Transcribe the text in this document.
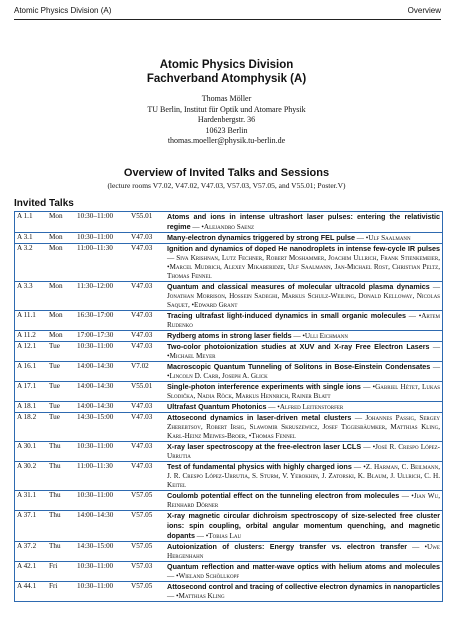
Atomic Physics Division (A)	Overview
Atomic Physics Division
Fachverband Atomphysik (A)
Thomas Möller
TU Berlin, Institut für Optik und Atomare Physik
Hardenbergstr. 36
10623 Berlin
thomas.moeller@physik.tu-berlin.de
Overview of Invited Talks and Sessions
(lecture rooms V7.02, V47.02, V47.03, V57.03, V57.05, and V55.01; Poster.V)
Invited Talks
A 1.1	Mon	10:30–11:00	V55.01	Atoms and ions in intense ultrashort laser pulses: entering the relativistic regime — •Alejandro Saenz
A 3.1	Mon	10:30–11:00	V47.03	Many-electron dynamics triggered by strong FEL pulse — •Ulf Saalmann
A 3.2	Mon	11:00–11:30	V47.03	Ignition and dynamics of doped He nanodroplets in intense few-cycle IR pulses — Siva Krishnan, Lutz Fechner, Robert Moshammer, Joachim Ullrich, Frank Stienkemeier, •Marcel Mudrich, Alexey Mikaberidze, Ulf Saalmann, Jan-Michael Rost, Christian Peltz, Thomas Fennel
A 3.3	Mon	11:30–12:00	V47.03	Quantum and classical measures of molecular ultracold plasma dynamics — Jonathan Morrison, Hossein Sadeghi, Markus Schulz-Weiling, Donald Kelloway, Nicolas Saquet, •Edward Grant
A 11.1	Mon	16:30–17:00	V47.03	Tracing ultrafast light-induced dynamics in small organic molecules — •Artem Rudenko
A 11.2	Mon	17:00–17:30	V47.03	Rydberg atoms in strong laser fields — •Ulli Eichmann
A 12.1	Tue	10:30–11:00	V47.03	Two-color photoionization studies at XUV and X-ray Free Electron Lasers — •Michael Meyer
A 16.1	Tue	14:00–14:30	V7.02	Macroscopic Quantum Tunneling of Solitons in Bose-Einstein Condensates — •Lincoln D. Carr, Joseph A. Glick
A 17.1	Tue	14:00–14:30	V55.01	Single-photon interference experiments with single ions — •Gabriel Hétet, Lukas Slodička, Nadia Röck, Markus Hennrich, Rainer Blatt
A 18.1	Tue	14:00–14:30	V47.03	Ultrafast Quantum Photonics — •Alfred Leitenstorfer
A 18.2	Tue	14:30–15:00	V47.03	Attosecond dynamics in laser-driven metal clusters — Johannes Passig, Sergey Zherebtsov, Robert Irsig, Slawomir Skruszewicz, Josef Tiggesbäumker, Matthias Kling, Karl-Heinz Meiwes-Broer, •Thomas Fennel
A 30.1	Thu	10:30–11:00	V47.03	X-ray laser spectroscopy at the free-electron laser LCLS — •José R. Crespo López-Urrutia
A 30.2	Thu	11:00–11:30	V47.03	Test of fundamental physics with highly charged ions — •Z. Harman, C. Beilmann, J. R. Crespo López-Urrutia, S. Sturm, V. Yerokhin, J. Zatorski, K. Blaum, J. Ullrich, C. H. Keitel
A 31.1	Thu	10:30–11:00	V57.05	Coulomb potential effect on the tunneling electron from molecules — •Jian Wu, Reinhard Dörner
A 37.1	Thu	14:00–14:30	V57.05	X-ray magnetic circular dichroism spectroscopy of size-selected free cluster ions: spin coupling, orbital angular momentum quenching, and magnetic dopants — •Tobias Lau
A 37.2	Thu	14:30–15:00	V57.05	Autoionization of clusters: Energy transfer vs. electron transfer — •Uwe Hergenhahn
A 42.1	Fri	10:30–11:00	V57.03	Quantum reflection and matter-wave optics with helium atoms and molecules — •Wieland Schöllkopf
A 44.1	Fri	10:30–11:00	V57.05	Attosecond control and tracing of collective electron dynamics in nanoparticles — •Matthias Kling
